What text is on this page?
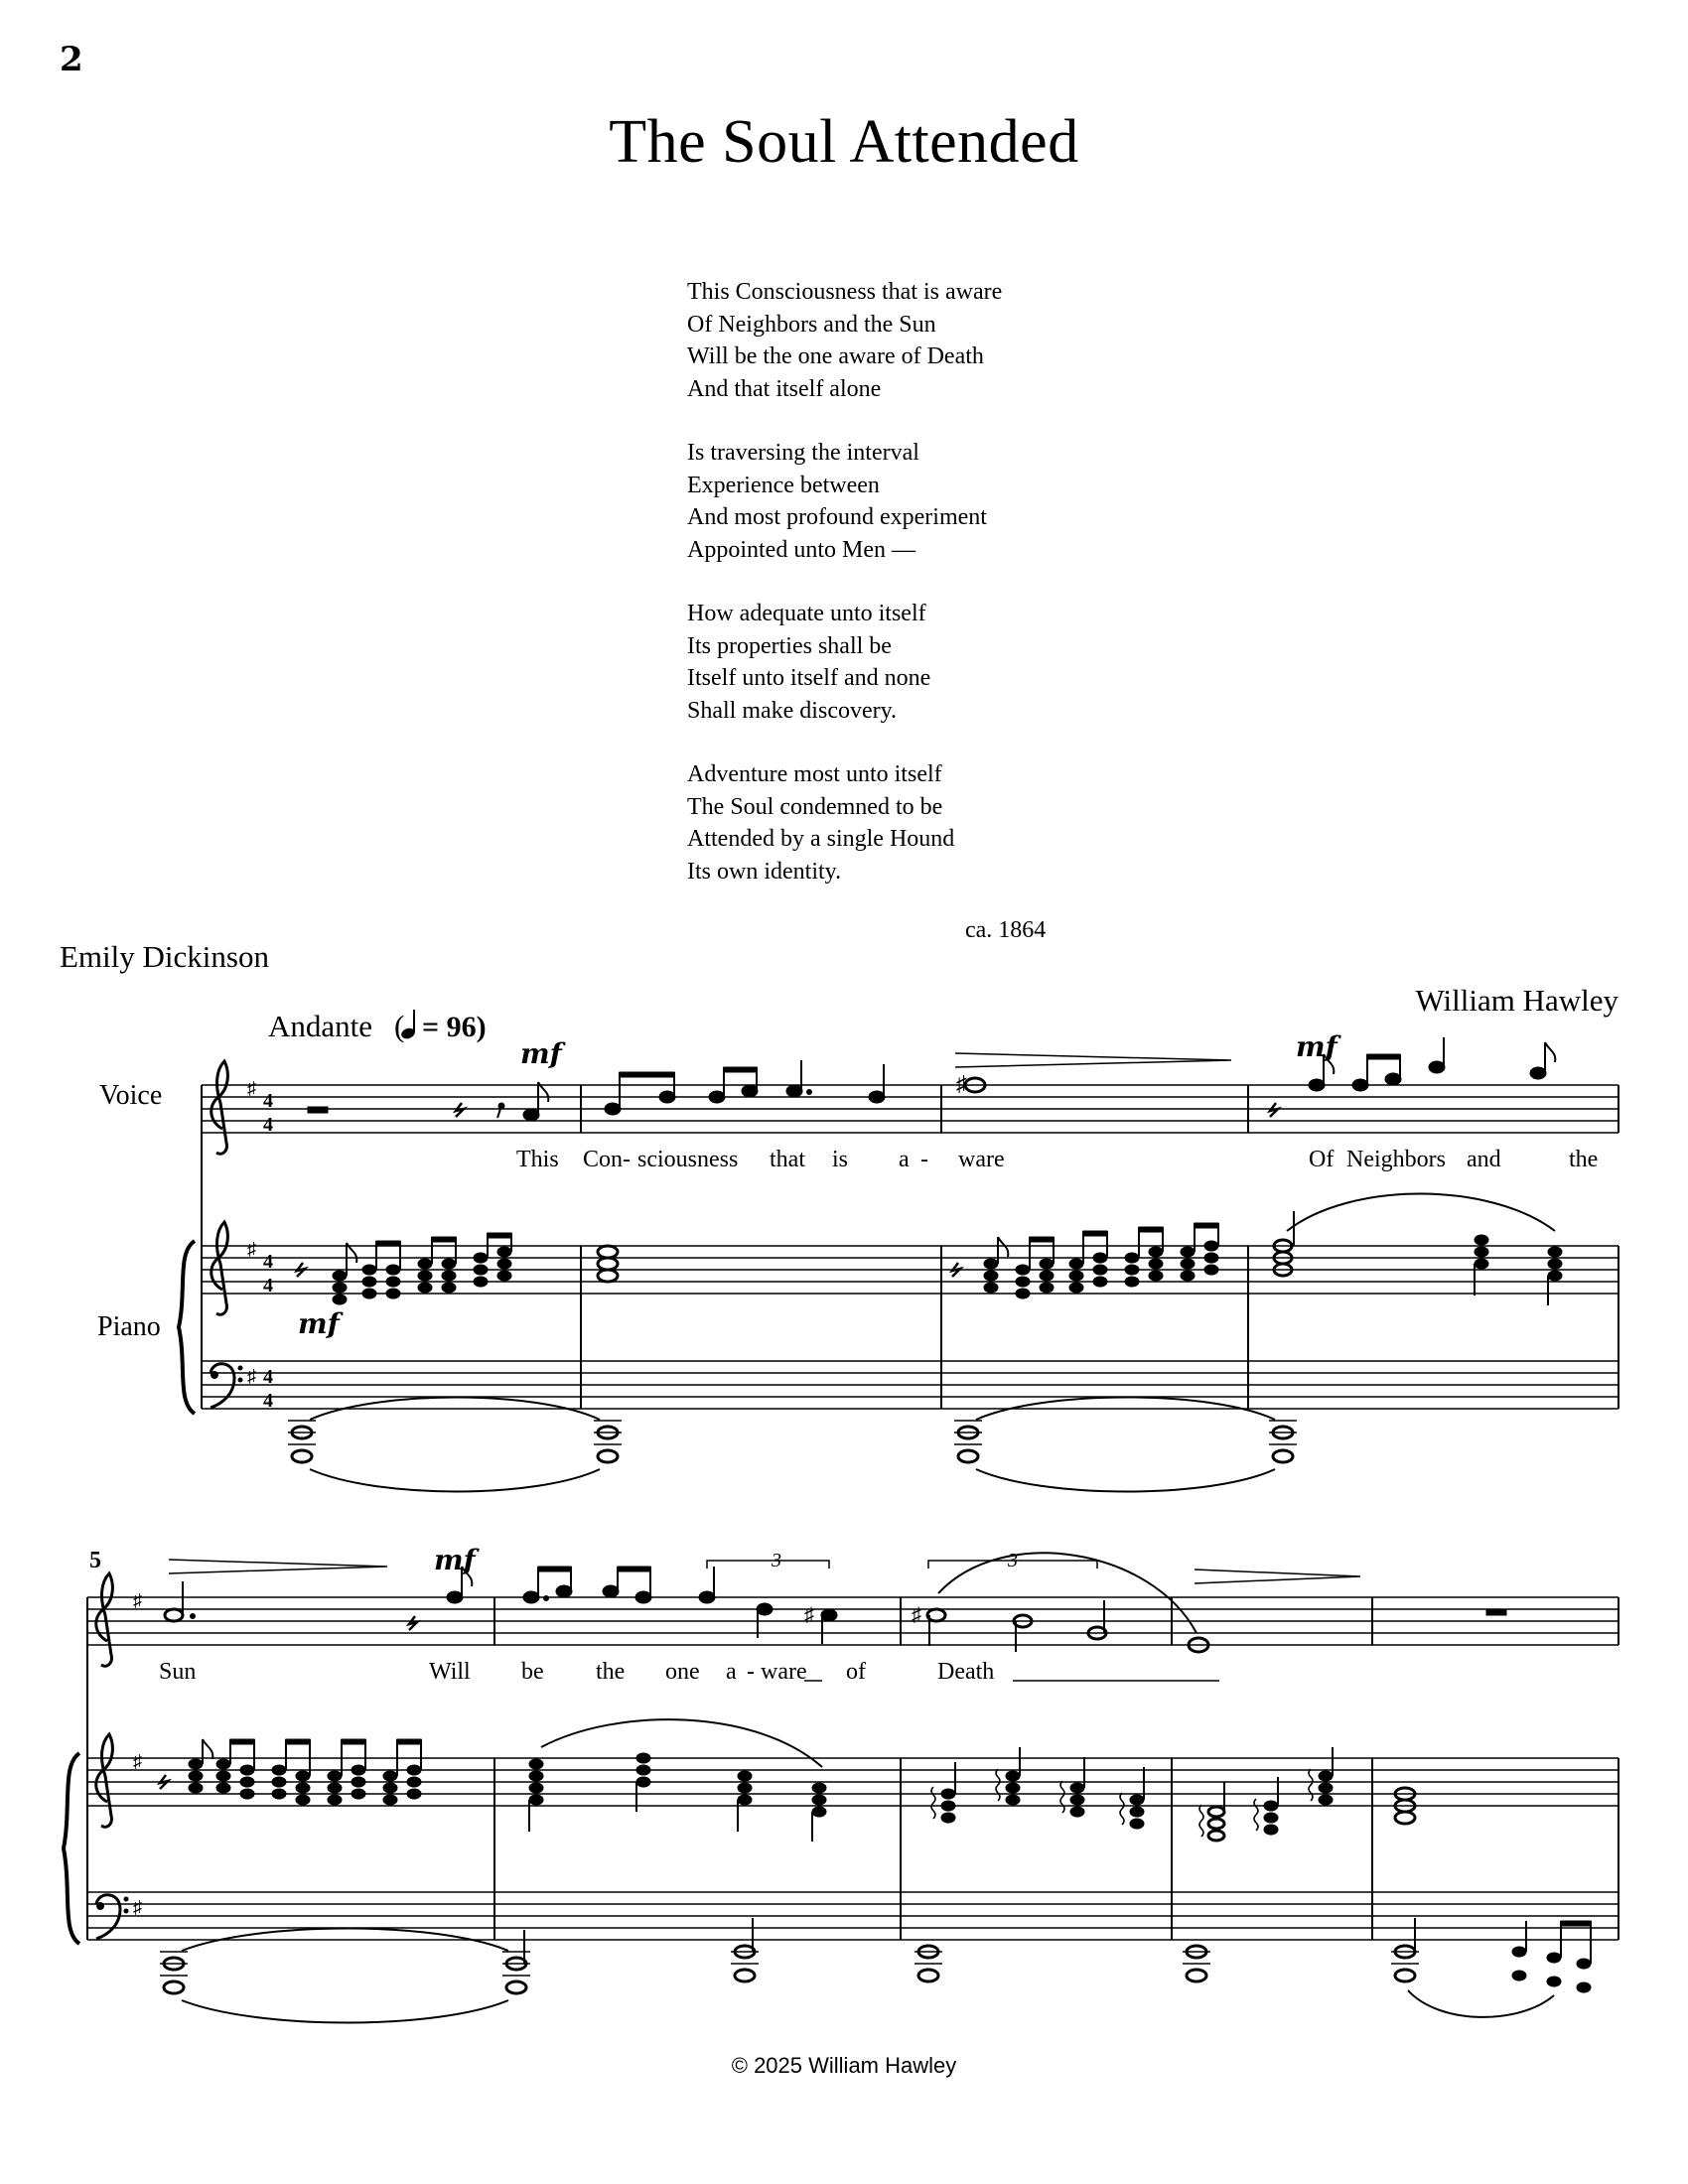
2
The Soul Attended
This Consciousness that is aware
Of Neighbors and the Sun
Will be the one aware of Death
And that itself alone
Is traversing the interval
Experience between
And most profound experiment
Appointed unto Men —
How adequate unto itself
Its properties shall be
Itself unto itself and none
Shall make discovery.
Adventure most unto itself
The Soul condemned to be
Attended by a single Hound
Its own identity.
ca. 1864
Emily Dickinson
William Hawley
Andante ( = 96)
Voice
Piano
♯
♯
♯
4
4
4
4
4
4
♯
mf	mf
mf
This Con- sciousness that is a - ware	Of Neighbors and	the
5
♯
♯
♯
♯	♯
3	3
mf
Sun	Will be the one a - ware of	Death
© 2025 William Hawley
